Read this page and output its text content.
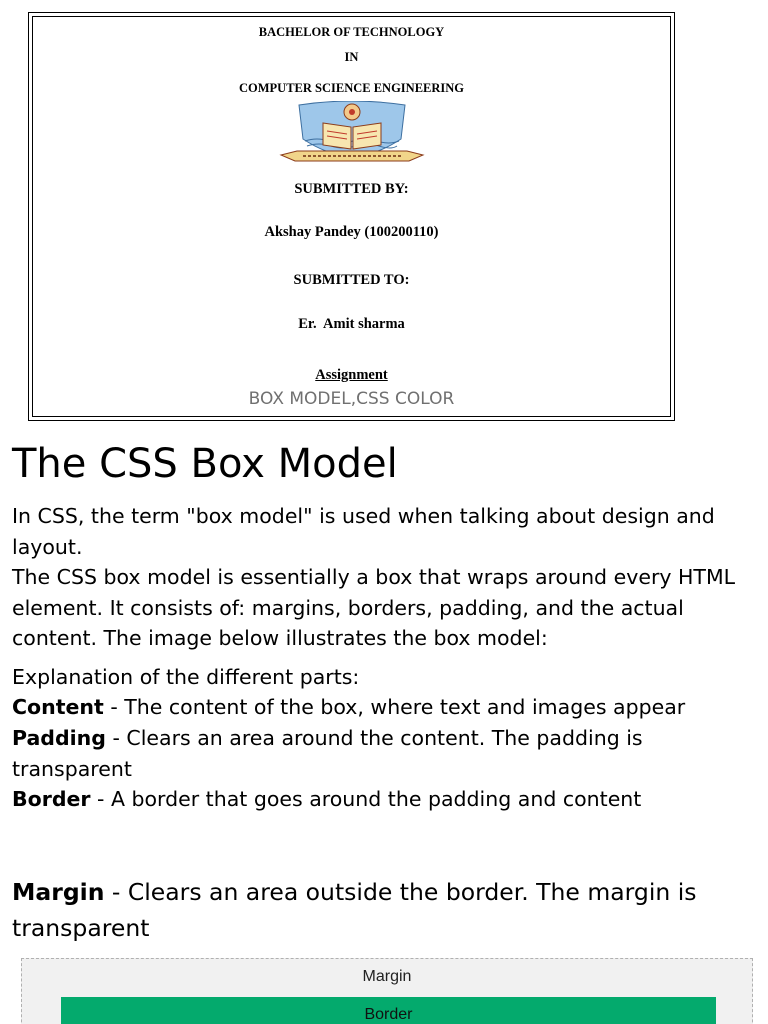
BACHELOR OF TECHNOLOGY
IN
COMPUTER SCIENCE ENGINEERING
SUBMITTED BY:
Akshay Pandey (100200110)
SUBMITTED TO:
Er.  Amit sharma
Assignment
BOX MODEL,CSS COLOR
The CSS Box Model
In CSS, the term "box model" is used when talking about design and layout.
The CSS box model is essentially a box that wraps around every HTML element. It consists of: margins, borders, padding, and the actual content. The image below illustrates the box model:
Explanation of the different parts:
Content - The content of the box, where text and images appear
Padding - Clears an area around the content. The padding is transparent
Border - A border that goes around the padding and content
Margin - Clears an area outside the border. The margin is transparent
Margin
Border
